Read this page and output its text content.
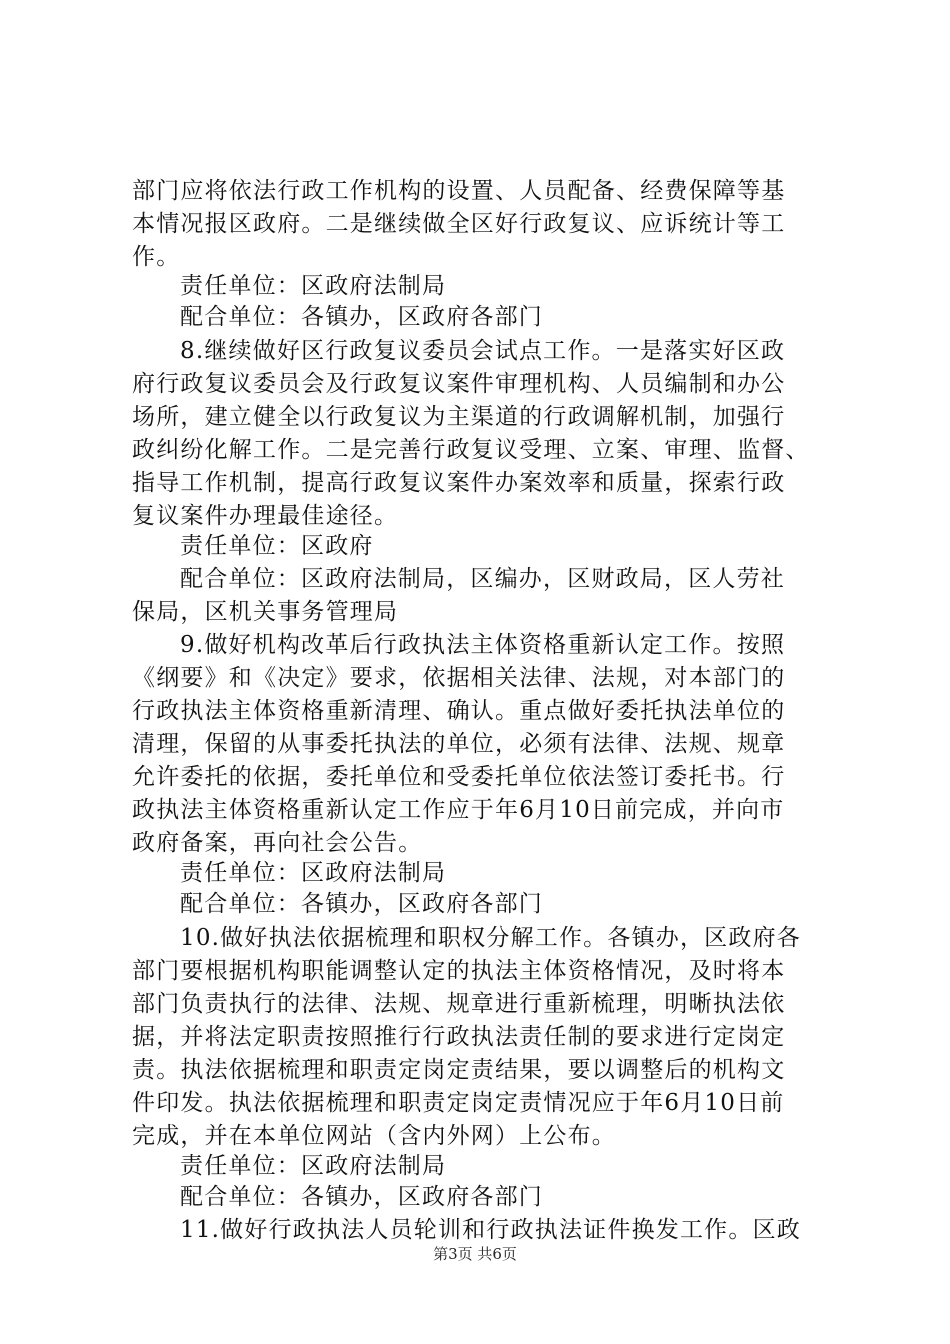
部门应将依法行政工作机构的设置、人员配备、经费保障等基
本情况报区政府。二是继续做全区好行政复议、应诉统计等工
作。
责任单位：区政府法制局
配合单位：各镇办，区政府各部门
8.继续做好区行政复议委员会试点工作。一是落实好区政
府行政复议委员会及行政复议案件审理机构、人员编制和办公
场所，建立健全以行政复议为主渠道的行政调解机制，加强行
政纠纷化解工作。二是完善行政复议受理、立案、审理、监督、
指导工作机制，提高行政复议案件办案效率和质量，探索行政
复议案件办理最佳途径。
责任单位：区政府
配合单位：区政府法制局，区编办，区财政局，区人劳社
保局，区机关事务管理局
9.做好机构改革后行政执法主体资格重新认定工作。按照
《纲要》和《决定》要求，依据相关法律、法规，对本部门的
行政执法主体资格重新清理、确认。重点做好委托执法单位的
清理，保留的从事委托执法的单位，必须有法律、法规、规章
允许委托的依据，委托单位和受委托单位依法签订委托书。行
政执法主体资格重新认定工作应于年6月10日前完成，并向市
政府备案，再向社会公告。
责任单位：区政府法制局
配合单位：各镇办，区政府各部门
10.做好执法依据梳理和职权分解工作。各镇办，区政府各
部门要根据机构职能调整认定的执法主体资格情况，及时将本
部门负责执行的法律、法规、规章进行重新梳理，明晰执法依
据，并将法定职责按照推行行政执法责任制的要求进行定岗定
责。执法依据梳理和职责定岗定责结果，要以调整后的机构文
件印发。执法依据梳理和职责定岗定责情况应于年6月10日前
完成，并在本单位网站（含内外网）上公布。
责任单位：区政府法制局
配合单位：各镇办，区政府各部门
11.做好行政执法人员轮训和行政执法证件换发工作。区政
第3页 共6页
